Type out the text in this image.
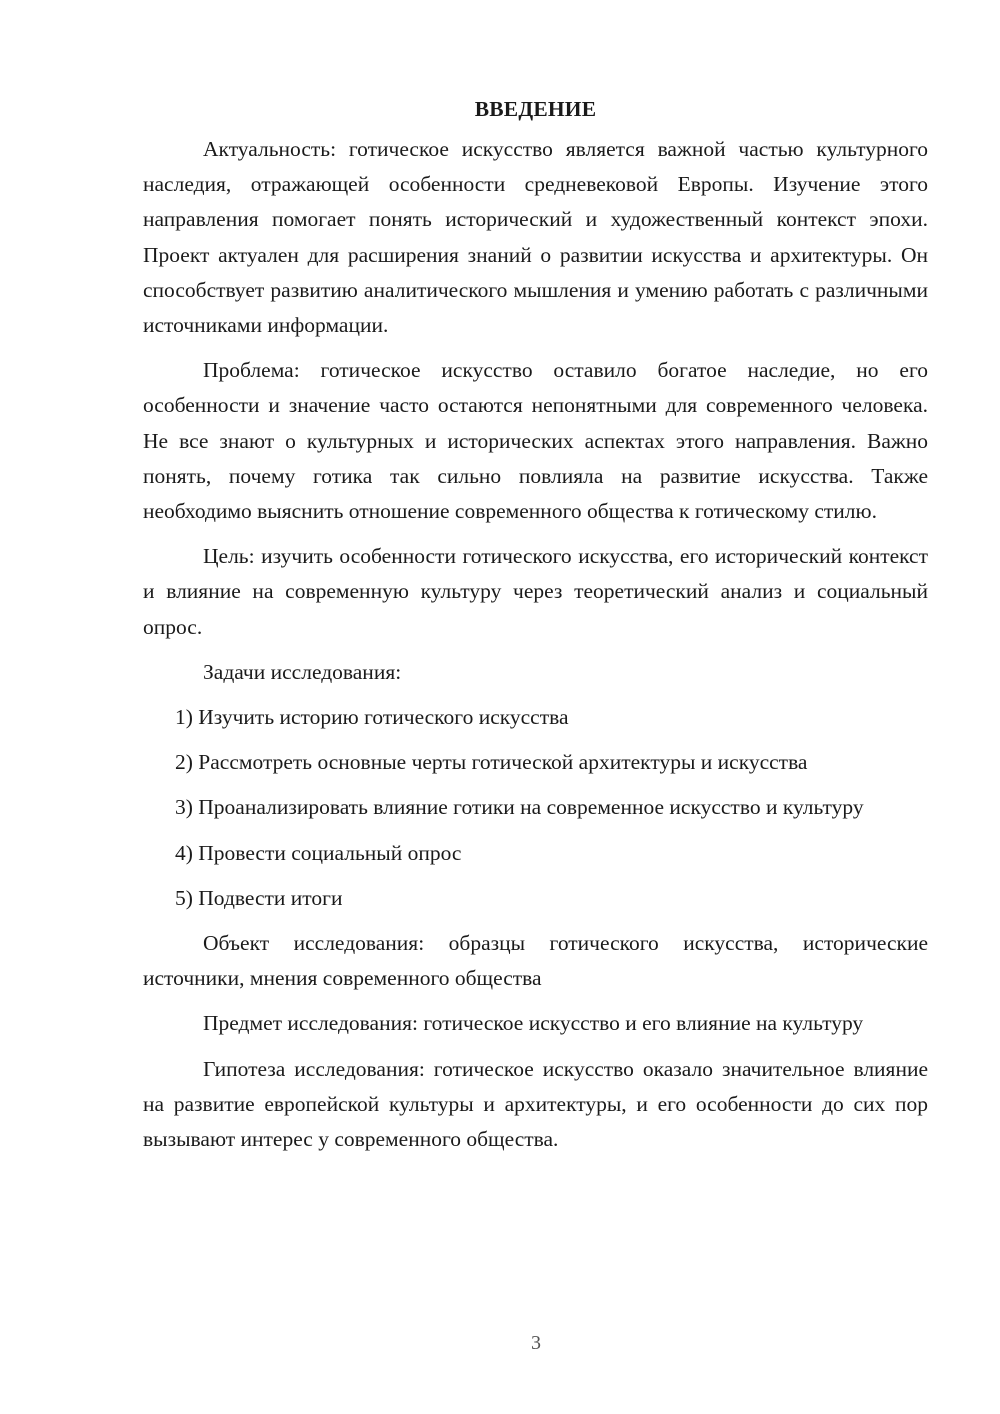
ВВЕДЕНИЕ

Актуальность: готическое искусство является важной частью культурного наследия, отражающей особенности средневековой Европы. Изучение этого направления помогает понять исторический и художественный контекст эпохи. Проект актуален для расширения знаний о развитии искусства и архитектуры. Он способствует развитию аналитического мышления и умению работать с различными источниками информации.

Проблема: готическое искусство оставило богатое наследие, но его особенности и значение часто остаются непонятными для современного человека. Не все знают о культурных и исторических аспектах этого направления. Важно понять, почему готика так сильно повлияла на развитие искусства. Также необходимо выяснить отношение современного общества к готическому стилю.

Цель: изучить особенности готического искусства, его исторический контекст и влияние на современную культуру через теоретический анализ и социальный опрос.

Задачи исследования:

1) Изучить историю готического искусства

2) Рассмотреть основные черты готической архитектуры и искусства

3) Проанализировать влияние готики на современное искусство и культуру

4) Провести социальный опрос

5) Подвести итоги

Объект исследования: образцы готического искусства, исторические источники, мнения современного общества

Предмет исследования: готическое искусство и его влияние на культуру

Гипотеза исследования: готическое искусство оказало значительное влияние на развитие европейской культуры и архитектуры, и его особенности до сих пор вызывают интерес у современного общества.

3
